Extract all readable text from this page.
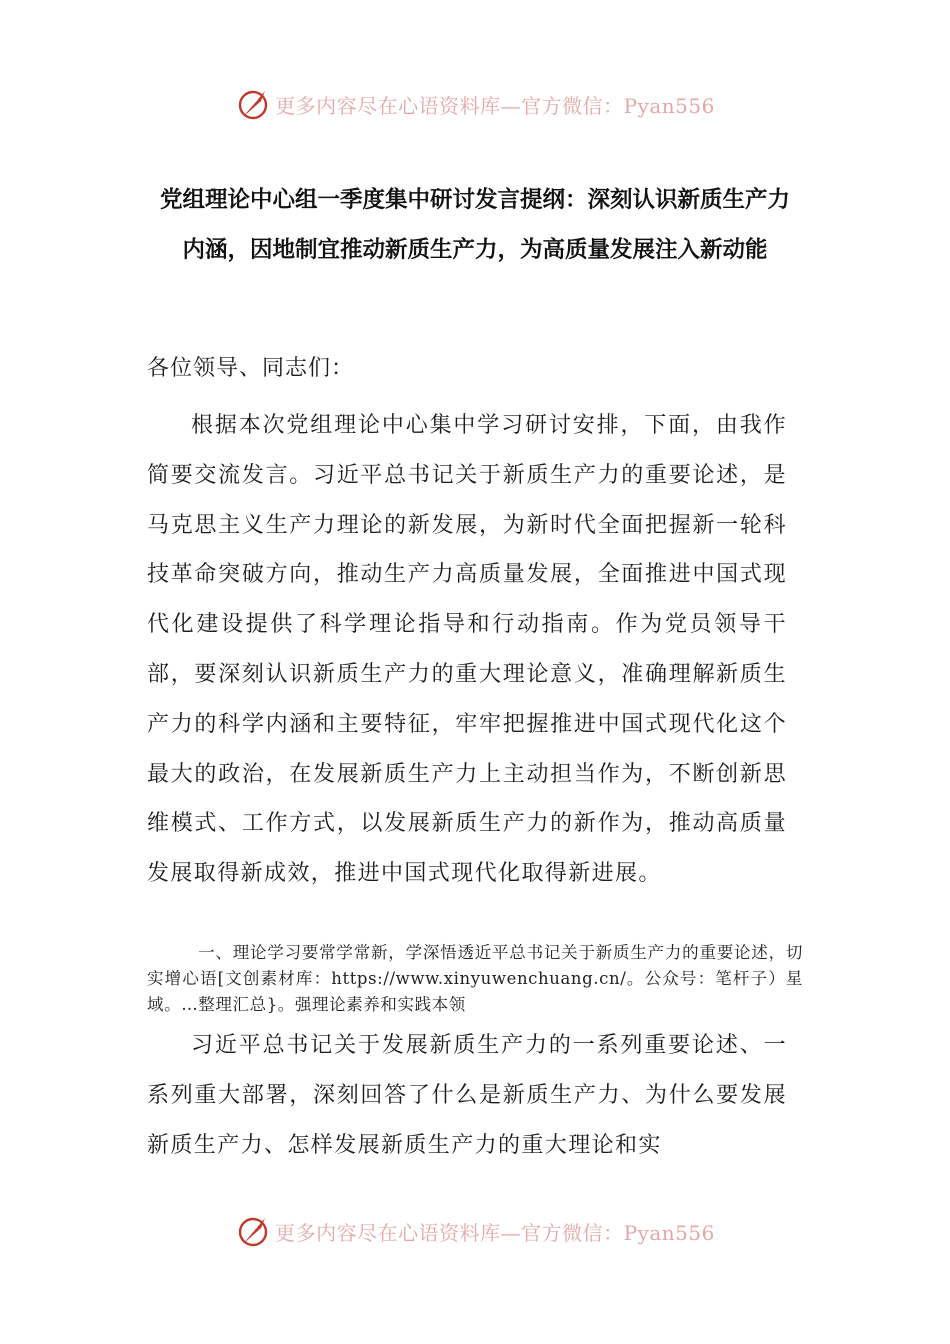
更多内容尽在心语资料库—官方微信：Pyan556
党组理论中心组一季度集中研讨发言提纲：深刻认识新质生产力内涵，因地制宜推动新质生产力，为高质量发展注入新动能

各位领导、同志们：

根据本次党组理论中心集中学习研讨安排，下面，由我作简要交流发言。习近平总书记关于新质生产力的重要论述，是马克思主义生产力理论的新发展，为新时代全面把握新一轮科技革命突破方向，推动生产力高质量发展，全面推进中国式现代化建设提供了科学理论指导和行动指南。作为党员领导干部，要深刻认识新质生产力的重大理论意义，准确理解新质生产力的科学内涵和主要特征，牢牢把握推进中国式现代化这个最大的政治，在发展新质生产力上主动担当作为，不断创新思维模式、工作方式，以发展新质生产力的新作为，推动高质量发展取得新成效，推进中国式现代化取得新进展。

一、理论学习要常学常新，学深悟透近平总书记关于新质生产力的重要论述，切实增心语[文创素材库：https://www.xinyuwenchuang.cn/。公众号：笔杆子）星域。…整理汇总}。强理论素养和实践本领

习近平总书记关于发展新质生产力的一系列重要论述、一系列重大部署，深刻回答了什么是新质生产力、为什么要发展新质生产力、怎样发展新质生产力的重大理论和实

更多内容尽在心语资料库—官方微信：Pyan556
